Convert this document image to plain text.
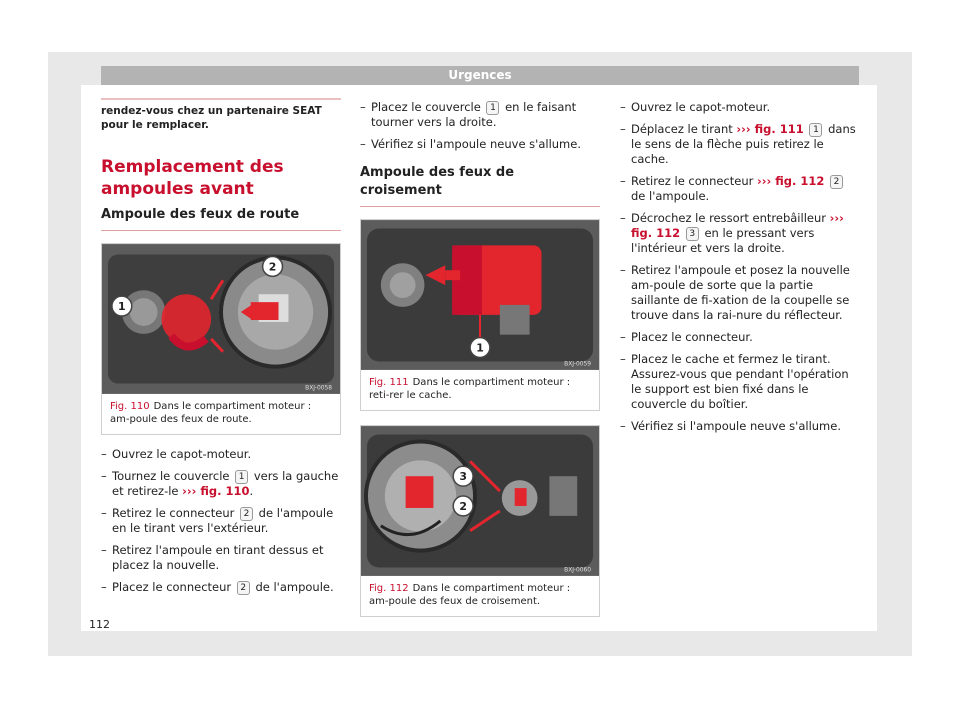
Urgences
rendez-vous chez un partenaire SEAT pour le remplacer.
Remplacement des ampoules avant
Ampoule des feux de route
1
2
BXJ-0058
Fig. 110 Dans le compartiment moteur : am-poule des feux de route.
– Ouvrez le capot-moteur.
– Tournez le couvercle 1 vers la gauche et retirez-le ››› fig. 110.
– Retirez le connecteur 2 de l'ampoule en le tirant vers l'extérieur.
– Retirez l'ampoule en tirant dessus et placez la nouvelle.
– Placez le connecteur 2 de l'ampoule.
– Placez le couvercle 1 en le faisant tourner vers la droite.
– Vérifiez si l'ampoule neuve s'allume.
Ampoule des feux de croisement
1
BXJ-0059
Fig. 111 Dans le compartiment moteur : reti-rer le cache.
3
2
BXJ-0060
Fig. 112 Dans le compartiment moteur : am-poule des feux de croisement.
– Ouvrez le capot-moteur.
– Déplacez le tirant ››› fig. 111 1 dans le sens de la flèche puis retirez le cache.
– Retirez le connecteur ››› fig. 112 2 de l'ampoule.
– Décrochez le ressort entrebâilleur ››› fig. 112 3 en le pressant vers l'intérieur et vers la droite.
– Retirez l'ampoule et posez la nouvelle am-poule de sorte que la partie saillante de fi-xation de la coupelle se trouve dans la rai-nure du réflecteur.
– Placez le connecteur.
– Placez le cache et fermez le tirant. Assurez-vous que pendant l'opération le support est bien fixé dans le couvercle du boîtier.
– Vérifiez si l'ampoule neuve s'allume.
112
